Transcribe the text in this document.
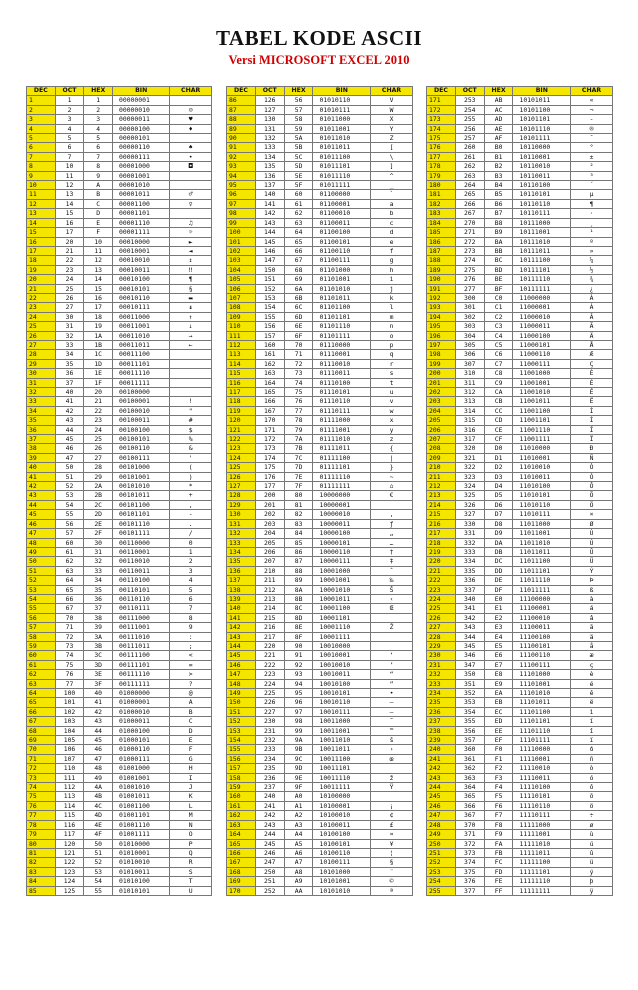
TABEL KODE ASCII
Versi MICROSOFT EXCEL 2010
DEC	OCT	HEX	BIN	CHAR
1	1	1	00000001	
2	2	2	00000010	☺
3	3	3	00000011	♥
4	4	4	00000100	♦
5	5	5	00000101	
6	6	6	00000110	♠
7	7	7	00000111	•
8	10	8	00001000	◘
9	11	9	00001001	
10	12	A	00001010	
11	13	B	00001011	♂
12	14	C	00001100	♀
13	15	D	00001101	
14	16	E	00001110	♫
15	17	F	00001111	☼
16	20	10	00010000	►
17	21	11	00010001	◄
18	22	12	00010010	↕
19	23	13	00010011	‼
20	24	14	00010100	¶
21	25	15	00010101	§
22	26	16	00010110	▬
23	27	17	00010111	↨
24	30	18	00011000	↑
25	31	19	00011001	↓
26	32	1A	00011010	→
27	33	1B	00011011	←
28	34	1C	00011100	
29	35	1D	00011101	
30	36	1E	00011110	
31	37	1F	00011111	
32	40	20	00100000	
33	41	21	00100001	!
34	42	22	00100010	"
35	43	23	00100011	#
36	44	24	00100100	$
37	45	25	00100101	%
38	46	26	00100110	&
39	47	27	00100111	'
40	50	28	00101000	(
41	51	29	00101001	)
42	52	2A	00101010	*
43	53	2B	00101011	+
44	54	2C	00101100	,
45	55	2D	00101101	-
46	56	2E	00101110	.
47	57	2F	00101111	/
48	60	30	00110000	0
49	61	31	00110001	1
50	62	32	00110010	2
51	63	33	00110011	3
52	64	34	00110100	4
53	65	35	00110101	5
54	66	36	00110110	6
55	67	37	00110111	7
56	70	38	00111000	8
57	71	39	00111001	9
58	72	3A	00111010	:
59	73	3B	00111011	;
60	74	3C	00111100	<
61	75	3D	00111101	=
62	76	3E	00111110	>
63	77	3F	00111111	?
64	100	40	01000000	@
65	101	41	01000001	A
66	102	42	01000010	B
67	103	43	01000011	C
68	104	44	01000100	D
69	105	45	01000101	E
70	106	46	01000110	F
71	107	47	01000111	G
72	110	48	01001000	H
73	111	49	01001001	I
74	112	4A	01001010	J
75	113	4B	01001011	K
76	114	4C	01001100	L
77	115	4D	01001101	M
78	116	4E	01001110	N
79	117	4F	01001111	O
80	120	50	01010000	P
81	121	51	01010001	Q
82	122	52	01010010	R
83	123	53	01010011	S
84	124	54	01010100	T
85	125	55	01010101	U
DEC	OCT	HEX	BIN	CHAR
86	126	56	01010110	V
87	127	57	01010111	W
88	130	58	01011000	X
89	131	59	01011001	Y
90	132	5A	01011010	Z
91	133	5B	01011011	[
92	134	5C	01011100	\
93	135	5D	01011101	]
94	136	5E	01011110	^
95	137	5F	01011111	_
96	140	60	01100000	`
97	141	61	01100001	a
98	142	62	01100010	b
99	143	63	01100011	c
100	144	64	01100100	d
101	145	65	01100101	e
102	146	66	01100110	f
103	147	67	01100111	g
104	150	68	01101000	h
105	151	69	01101001	i
106	152	6A	01101010	j
107	153	6B	01101011	k
108	154	6C	01101100	l
109	155	6D	01101101	m
110	156	6E	01101110	n
111	157	6F	01101111	o
112	160	70	01110000	p
113	161	71	01110001	q
114	162	72	01110010	r
115	163	73	01110011	s
116	164	74	01110100	t
117	165	75	01110101	u
118	166	76	01110110	v
119	167	77	01110111	w
120	170	78	01111000	x
121	171	79	01111001	y
122	172	7A	01111010	z
123	173	7B	01111011	{
124	174	7C	01111100	|
125	175	7D	01111101	}
126	176	7E	01111110	~
127	177	7F	01111111	⌂
128	200	80	10000000	€
129	201	81	10000001	
130	202	82	10000010	‚
131	203	83	10000011	ƒ
132	204	84	10000100	„
133	205	85	10000101	…
134	206	86	10000110	†
135	207	87	10000111	‡
136	210	88	10001000	ˆ
137	211	89	10001001	‰
138	212	8A	10001010	Š
139	213	8B	10001011	‹
140	214	8C	10001100	Œ
141	215	8D	10001101	
142	216	8E	10001110	Ž
143	217	8F	10001111	
144	220	90	10010000	
145	221	91	10010001	‘
146	222	92	10010010	’
147	223	93	10010011	“
148	224	94	10010100	”
149	225	95	10010101	•
150	226	96	10010110	–
151	227	97	10010111	—
152	230	98	10011000	˜
153	231	99	10011001	™
154	232	9A	10011010	š
155	233	9B	10011011	›
156	234	9C	10011100	œ
157	235	9D	10011101	
158	236	9E	10011110	ž
159	237	9F	10011111	Ÿ
160	240	A0	10100000	
161	241	A1	10100001	¡
162	242	A2	10100010	¢
163	243	A3	10100011	£
164	244	A4	10100100	¤
165	245	A5	10100101	¥
166	246	A6	10100110	¦
167	247	A7	10100111	§
168	250	A8	10101000	¨
169	251	A9	10101001	©
170	252	AA	10101010	ª
DEC	OCT	HEX	BIN	CHAR
171	253	AB	10101011	«
172	254	AC	10101100	¬
173	255	AD	10101101	-
174	256	AE	10101110	®
175	257	AF	10101111	¯
176	260	B0	10110000	°
177	261	B1	10110001	±
178	262	B2	10110010	²
179	263	B3	10110011	³
180	264	B4	10110100	´
181	265	B5	10110101	µ
182	266	B6	10110110	¶
183	267	B7	10110111	·
184	270	B8	10111000	¸
185	271	B9	10111001	¹
186	272	BA	10111010	º
187	273	BB	10111011	»
188	274	BC	10111100	¼
189	275	BD	10111101	½
190	276	BE	10111110	¾
191	277	BF	10111111	¿
192	300	C0	11000000	À
193	301	C1	11000001	Á
194	302	C2	11000010	Â
195	303	C3	11000011	Ã
196	304	C4	11000100	Ä
197	305	C5	11000101	Å
198	306	C6	11000110	Æ
199	307	C7	11000111	Ç
200	310	C8	11001000	È
201	311	C9	11001001	É
202	312	CA	11001010	Ê
203	313	CB	11001011	Ë
204	314	CC	11001100	Ì
205	315	CD	11001101	Í
206	316	CE	11001110	Î
207	317	CF	11001111	Ï
208	320	D0	11010000	Ð
209	321	D1	11010001	Ñ
210	322	D2	11010010	Ò
211	323	D3	11010011	Ó
212	324	D4	11010100	Ô
213	325	D5	11010101	Õ
214	326	D6	11010110	Ö
215	327	D7	11010111	×
216	330	D8	11011000	Ø
217	331	D9	11011001	Ù
218	332	DA	11011010	Ú
219	333	DB	11011011	Û
220	334	DC	11011100	Ü
221	335	DD	11011101	Ý
222	336	DE	11011110	Þ
223	337	DF	11011111	ß
224	340	E0	11100000	à
225	341	E1	11100001	á
226	342	E2	11100010	â
227	343	E3	11100011	ã
228	344	E4	11100100	ä
229	345	E5	11100101	å
230	346	E6	11100110	æ
231	347	E7	11100111	ç
232	350	E8	11101000	è
233	351	E9	11101001	é
234	352	EA	11101010	ê
235	353	EB	11101011	ë
236	354	EC	11101100	ì
237	355	ED	11101101	í
238	356	EE	11101110	î
239	357	EF	11101111	ï
240	360	F0	11110000	ð
241	361	F1	11110001	ñ
242	362	F2	11110010	ò
243	363	F3	11110011	ó
244	364	F4	11110100	ô
245	365	F5	11110101	õ
246	366	F6	11110110	ö
247	367	F7	11110111	÷
248	370	F8	11111000	ø
249	371	F9	11111001	ù
250	372	FA	11111010	ú
251	373	FB	11111011	û
252	374	FC	11111100	ü
253	375	FD	11111101	ý
254	376	FE	11111110	þ
255	377	FF	11111111	ÿ
